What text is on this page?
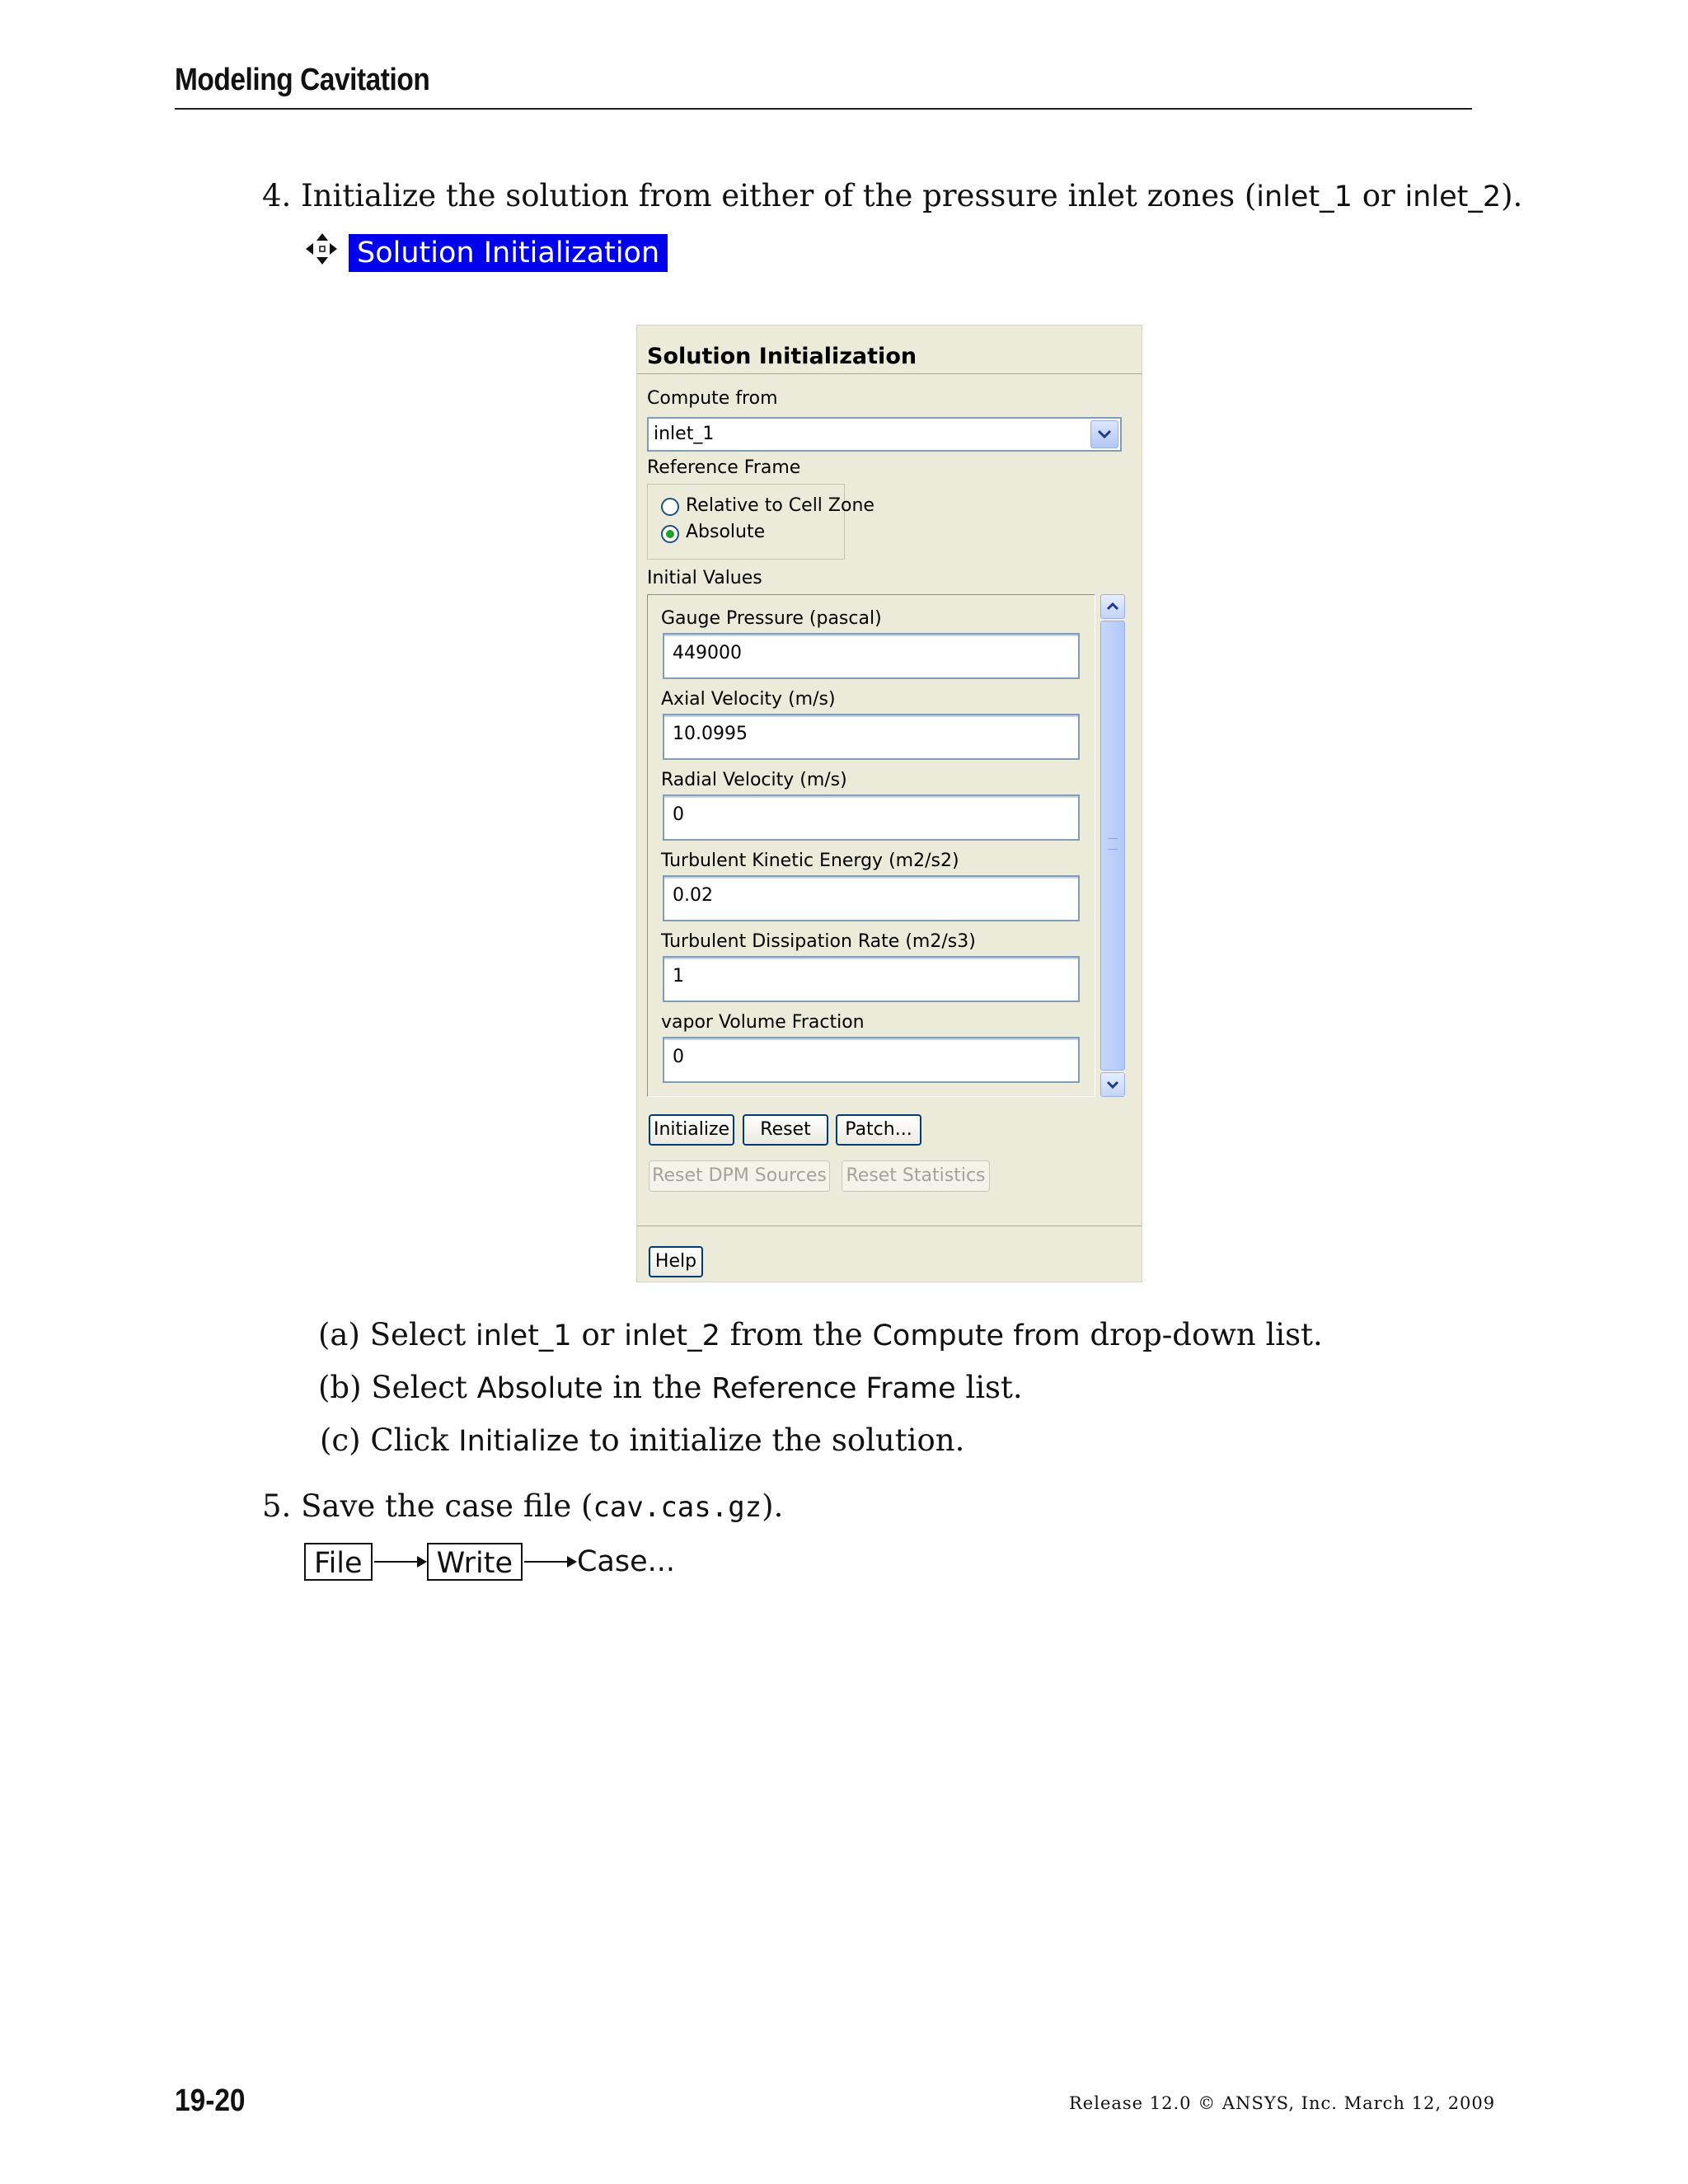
Modeling Cavitation
4. Initialize the solution from either of the pressure inlet zones (inlet_1 or inlet_2).
Solution Initialization
Solution Initialization
Compute from
inlet_1
Reference Frame
Relative to Cell Zone
Absolute
Initial Values
Gauge Pressure (pascal)
449000
Axial Velocity (m/s)
10.0995
Radial Velocity (m/s)
0
Turbulent Kinetic Energy (m2/s2)
0.02
Turbulent Dissipation Rate (m2/s3)
1
vapor Volume Fraction
0
Initialize	Reset	Patch...
Reset DPM Sources Reset Statistics
Help
(a) Select inlet_1 or inlet_2 from the Compute from drop-down list.
(b) Select Absolute in the Reference Frame list.
(c) Click Initialize to initialize the solution.
5. Save the case file (cav.cas.gz).
File	Write	Case...
19-20	Release 12.0 © ANSYS, Inc. March 12, 2009
